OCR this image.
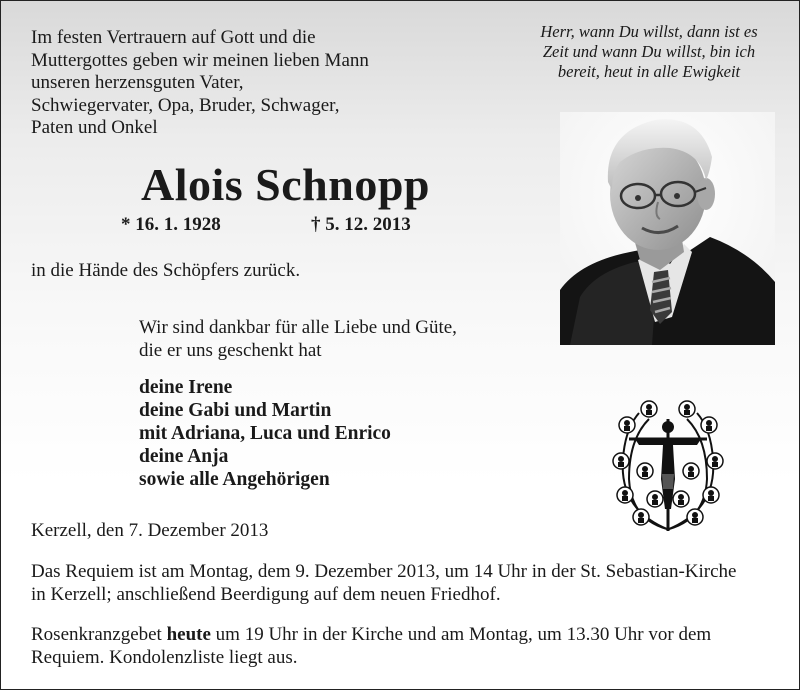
Im festen Vertrauern auf Gott und die
Muttergottes geben wir meinen lieben Mann
unseren herzensguten Vater,
Schwiegervater, Opa, Bruder, Schwager,
Paten und Onkel
Herr, wann Du willst, dann ist es
Zeit und wann Du willst, bin ich
bereit, heut in alle Ewigkeit
Alois Schnopp
* 16. 1. 1928	† 5. 12. 2013
in die Hände des Schöpfers zurück.
Wir sind dankbar für alle Liebe und Güte,
die er uns geschenkt hat
deine Irene
deine Gabi und Martin
mit Adriana, Luca und Enrico
deine Anja
sowie alle Angehörigen
Kerzell, den 7. Dezember 2013
Das Requiem ist am Montag, dem 9. Dezember 2013, um 14 Uhr in der St. Sebastian-Kirche
in Kerzell; anschließend Beerdigung auf dem neuen Friedhof.
Rosenkranzgebet heute um 19 Uhr in der Kirche und am Montag, um 13.30 Uhr vor dem
Requiem. Kondolenzliste liegt aus.
